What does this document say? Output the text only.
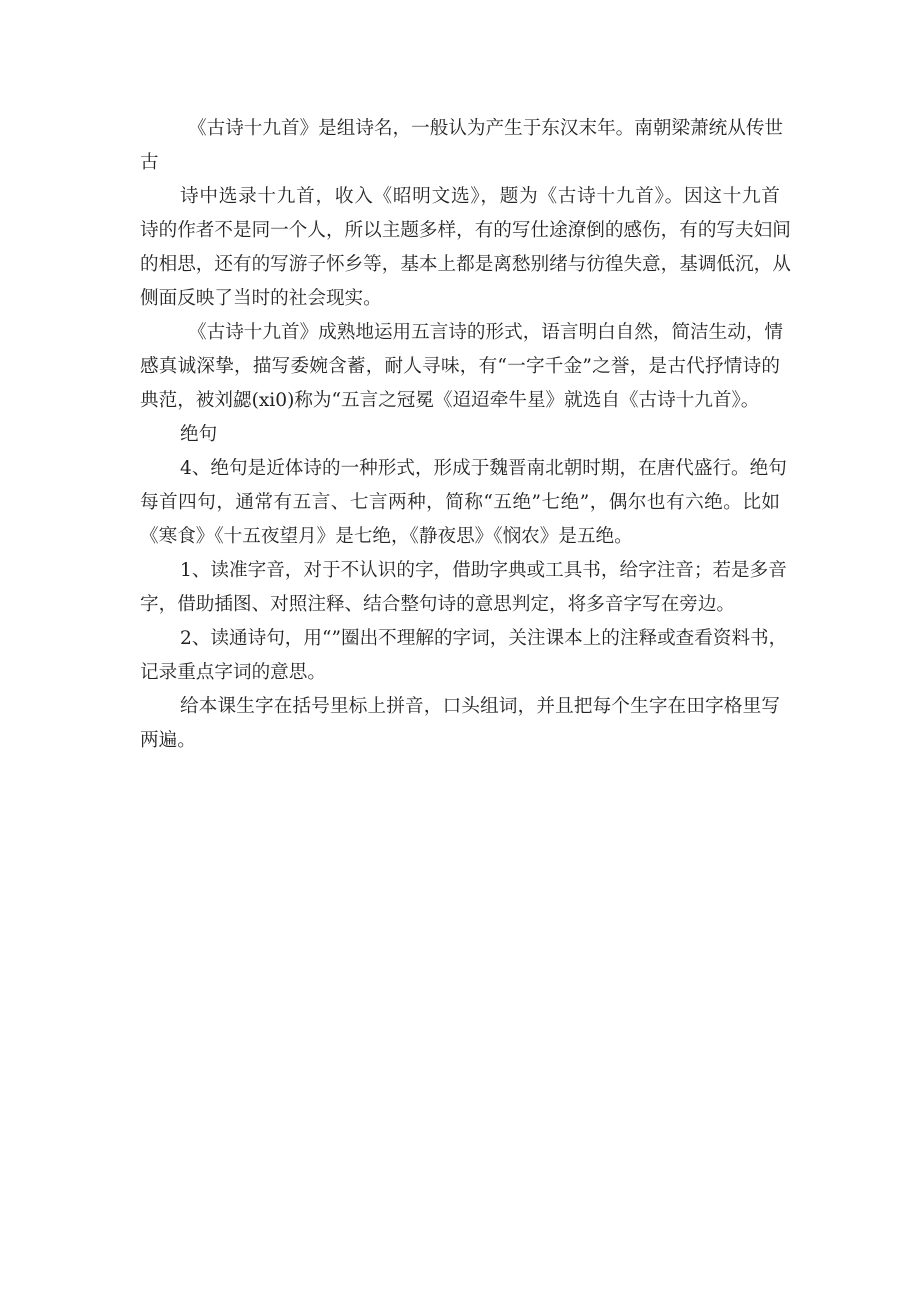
《古诗十九首》是组诗名，一般认为产生于东汉末年。南朝梁萧统从传世
古
诗中选录十九首，收入《昭明文选》，题为《古诗十九首》。因这十九首
诗的作者不是同一个人，所以主题多样，有的写仕途潦倒的感伤，有的写夫妇间
的相思，还有的写游子怀乡等，基本上都是离愁别绪与彷徨失意，基调低沉，从
侧面反映了当时的社会现实。
《古诗十九首》成熟地运用五言诗的形式，语言明白自然，简洁生动，情
感真诚深挚，描写委婉含蓄，耐人寻味，有“一字千金”之誉，是古代抒情诗的
典范，被刘勰(xi0)称为“五言之冠冕《迢迢牵牛星》就选自《古诗十九首》。
绝句
4、绝句是近体诗的一种形式，形成于魏晋南北朝时期，在唐代盛行。绝句
每首四句，通常有五言、七言两种，简称“五绝”七绝”，偶尔也有六绝。比如
《寒食》《十五夜望月》是七绝，《静夜思》《悯农》是五绝。
1、读准字音，对于不认识的字，借助字典或工具书，给字注音；若是多音
字，借助插图、对照注释、结合整句诗的意思判定，将多音字写在旁边。
2、读通诗句，用“”圈出不理解的字词，关注课本上的注释或查看资料书，
记录重点字词的意思。
给本课生字在括号里标上拼音，口头组词，并且把每个生字在田字格里写
两遍。
